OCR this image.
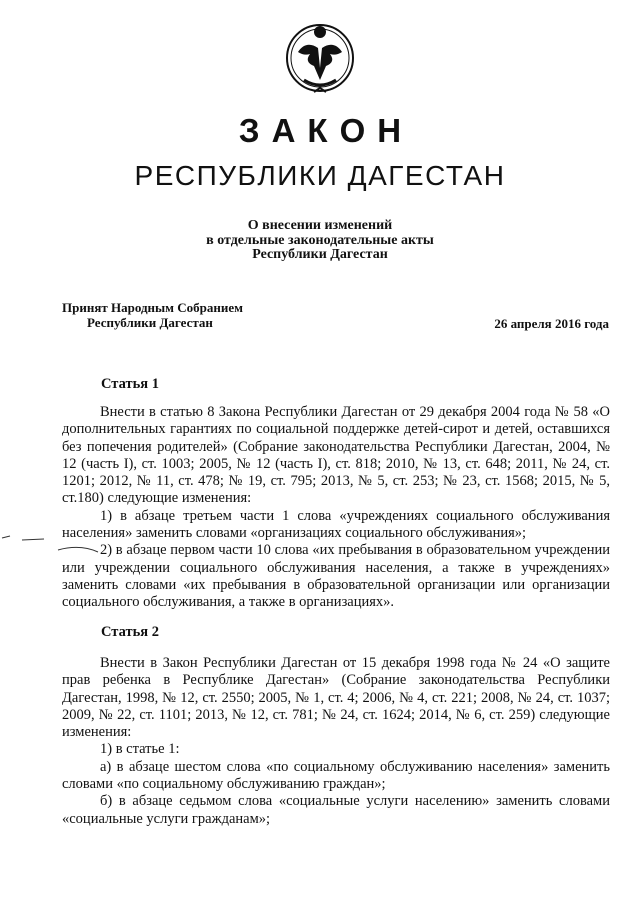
ЗАКОН
РЕСПУБЛИКИ ДАГЕСТАН
О внесении изменений
в отдельные законодательные акты
Республики Дагестан
Принят Народным Собранием
Республики Дагестан	26 апреля 2016 года
Статья 1

Внести в статью 8 Закона Республики Дагестан от 29 декабря 2004 года № 58 «О дополнительных гарантиях по социальной поддержке детей-сирот и детей, оставшихся без попечения родителей» (Собрание законодательства Республики Дагестан, 2004, № 12 (часть I), ст. 1003; 2005, № 12 (часть I), ст. 818; 2010, № 13, ст. 648; 2011, № 24, ст. 1201; 2012, № 11, ст. 478; № 19, ст. 795; 2013, № 5, ст. 253; № 23, ст. 1568; 2015, № 5, ст.180) следующие изменения:

1) в абзаце третьем части 1 слова «учреждениях социального обслуживания населения» заменить словами «организациях социального обслуживания»;

2) в абзаце первом части 10 слова «их пребывания в образовательном учреждении или учреждении социального обслуживания населения, а также в учреждениях» заменить словами «их пребывания в образовательной организации или организации социального обслуживания, а также в организациях».

Статья 2

Внести в Закон Республики Дагестан от 15 декабря 1998 года № 24 «О защите прав ребенка в Республике Дагестан» (Собрание законодательства Республики Дагестан, 1998, № 12, ст. 2550; 2005, № 1, ст. 4; 2006, № 4, ст. 221; 2008, № 24, ст. 1037; 2009, № 22, ст. 1101; 2013, № 12, ст. 781; № 24, ст. 1624; 2014, № 6, ст. 259) следующие изменения:

1) в статье 1:

а) в абзаце шестом слова «по социальному обслуживанию населения» заменить словами «по социальному обслуживанию граждан»;

б) в абзаце седьмом слова «социальные услуги населению» заменить словами «социальные услуги гражданам»;
